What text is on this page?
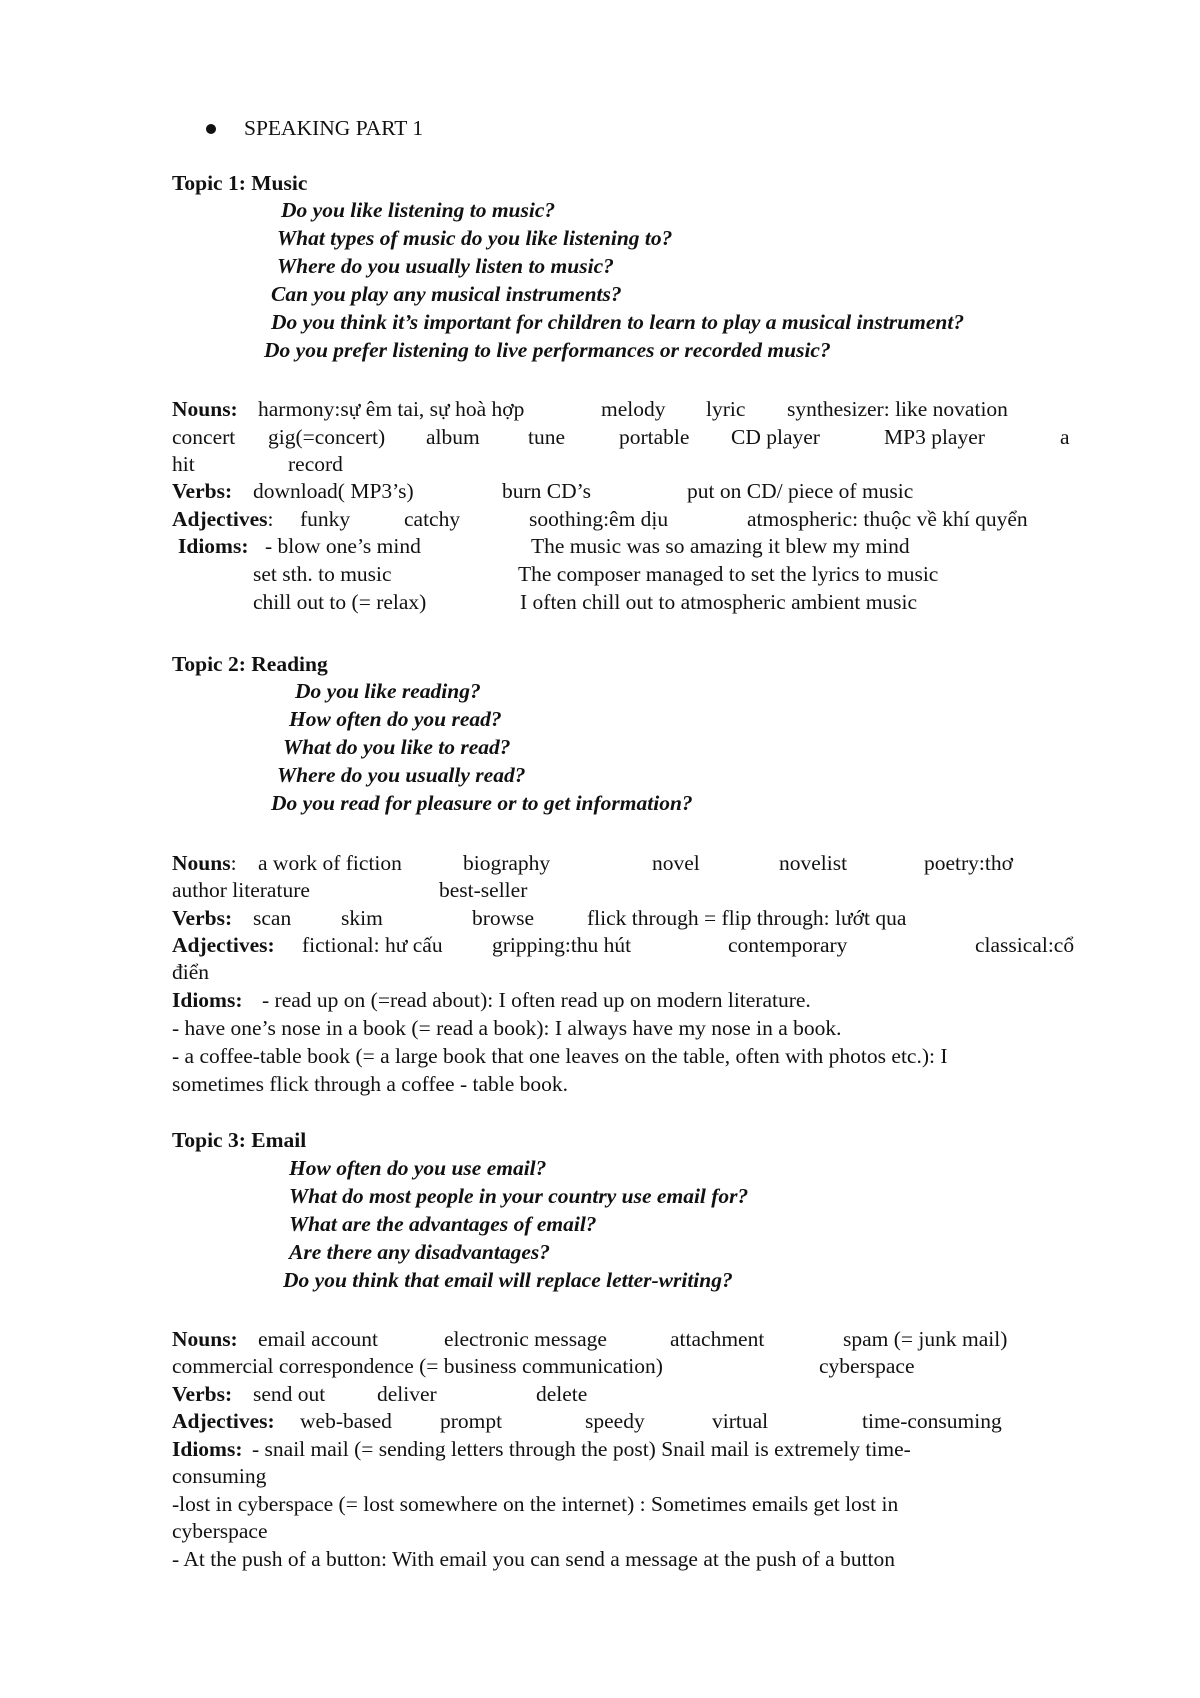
SPEAKING PART 1
Topic 1: Music
Do you like listening to music?
What types of music do you like listening to?
Where do you usually listen to music?
Can you play any musical instruments?
Do you think it’s important for children to learn to play a musical instrument?
Do you prefer listening to live performances or recorded music?
Nouns: harmony:sự êm tai, sự hoà hợp	melody lyric synthesizer: like novation
concert gig(=concert) album tune	portable CD player	MP3 player	a
hit	record
Verbs: download( MP3’s)	burn CD’s	put on CD/ piece of music
Adjectives: funky	catchy	soothing:êm dịu	atmospheric: thuộc về khí quyển
Idioms: - blow one’s mind	The music was so amazing it blew my mind
set sth. to music	The composer managed to set the lyrics to music
chill out to (= relax)	I often chill out to atmospheric ambient music
Topic 2: Reading
Do you like reading?
How often do you read?
What do you like to read?
Where do you usually read?
Do you read for pleasure or to get information?
Nouns: a work of fiction	biography	novel	novelist	poetry:thơ
author literature	best-seller
Verbs: scan skim	browse flick through = flip through: lướt qua
Adjectives: fictional: hư cấu gripping:thu hút	contemporary	classical:cổ
điển
Idioms: - read up on (=read about): I often read up on modern literature.
- have one’s nose in a book (= read a book): I always have my nose in a book.
- a coffee-table book (= a large book that one leaves on the table, often with photos etc.): I
sometimes flick through a coffee - table book.
Topic 3: Email
How often do you use email?
What do most people in your country use email for?
What are the advantages of email?
Are there any disadvantages?
Do you think that email will replace letter-writing?
Nouns: email account	electronic message	attachment	spam (= junk mail)
commercial correspondence (= business communication)	cyberspace
Verbs: send out deliver	delete
Adjectives: web-based prompt	speedy	virtual	time-consuming
Idioms: - snail mail (= sending letters through the post) Snail mail is extremely time-
consuming
-lost in cyberspace (= lost somewhere on the internet) : Sometimes emails get lost in
cyberspace
- At the push of a button: With email you can send a message at the push of a button
